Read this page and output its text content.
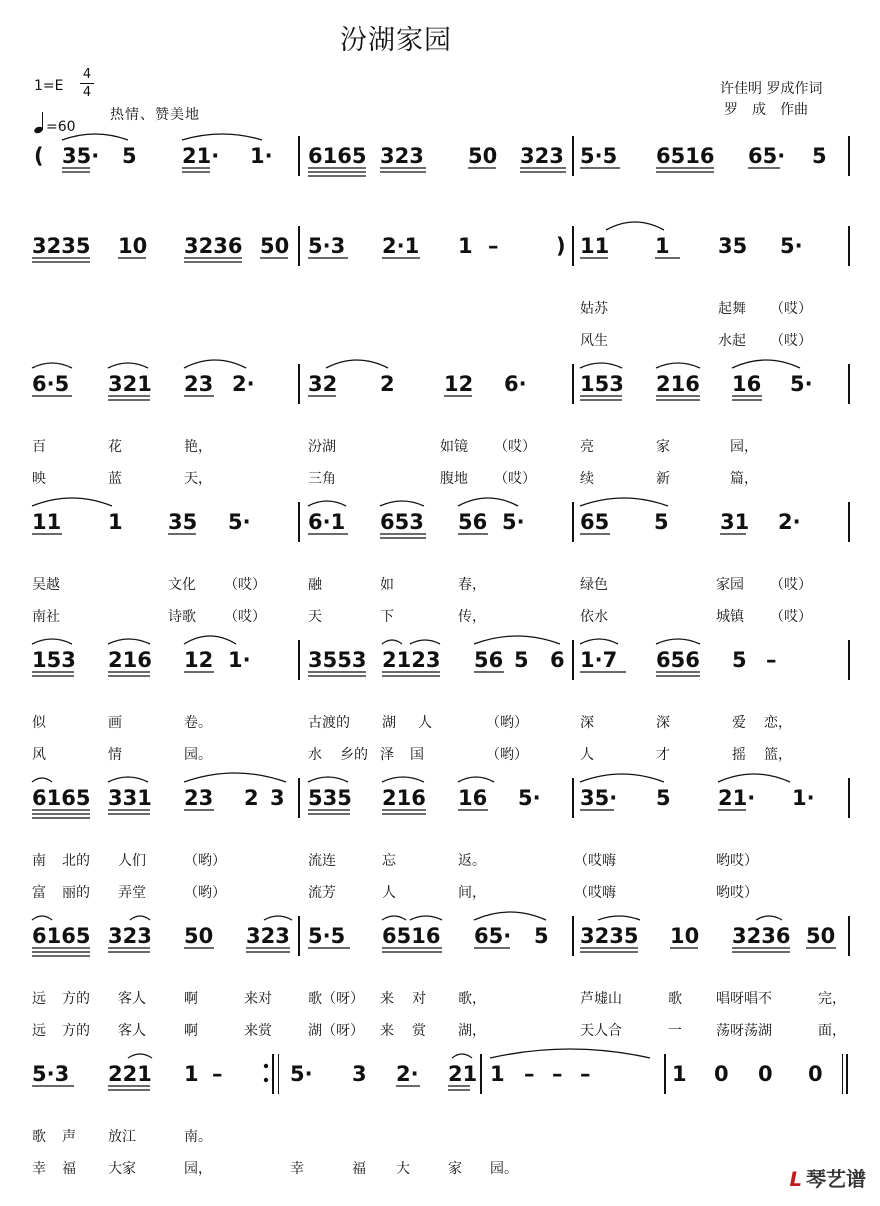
汾湖家园
许佳明 罗成作词
罗　成　作曲
1=E
4
4
=60
热情、赞美地
( 35· 5 21· 1· 6165 323 50 323 5·5 6516 65· 5
3235 10 3236 50 5·3 2·1 1 –	) 11 1 35 5·
姑苏	起舞 （哎）
风生	水起 （哎）
6·5 321 23 2·	32 2 12 6·	153 216 16 5·
百	花	艳，	汾湖	如镜 （哎）	亮	家	园，
映	蓝	天，	三角	腹地 （哎）	续	新	篇，
11 1 35 5·	6·1 653 56 5·	65 5 31 2·
吴越	文化 （哎）	融	如	春，	绿色	家园 （哎）
南社	诗歌 （哎）	天	下	传，	依水	城镇 （哎）
153 216 12 1·	3553 2123 56 5 6 1·7 656 5 –
似	画	卷。	古渡的 湖 人	（哟）	深	深	爱 恋，
风	情	园。	水 乡的 泽 国	（哟）	人	才	摇 篮，
6165 331 23 2 3 535 216 16 5· 35· 5 21· 1·
南 北的 人们	（哟）	流连	忘	返。	（哎嗨	哟哎）
富 丽的 弄堂	（哟）	流芳	人	间，	（哎嗨	哟哎）
6165 323 50 323 5·5 6516 65· 5 3235 10 3236 50
远 方的 客人	啊	来对	歌（呀） 来 对 歌，	芦墟山	歌 唱呀唱不	完，
远 方的 客人	啊	来赏	湖（呀） 来 赏 湖，	天人合	一 荡呀荡湖	面，
5·3 221 1 –	5· 3 2· 21 1 – – –	1 0 0 0
歌 声 放江	南。
幸 福 大家	园，	幸	福 大	家 园。	ᒪ 琴艺谱
